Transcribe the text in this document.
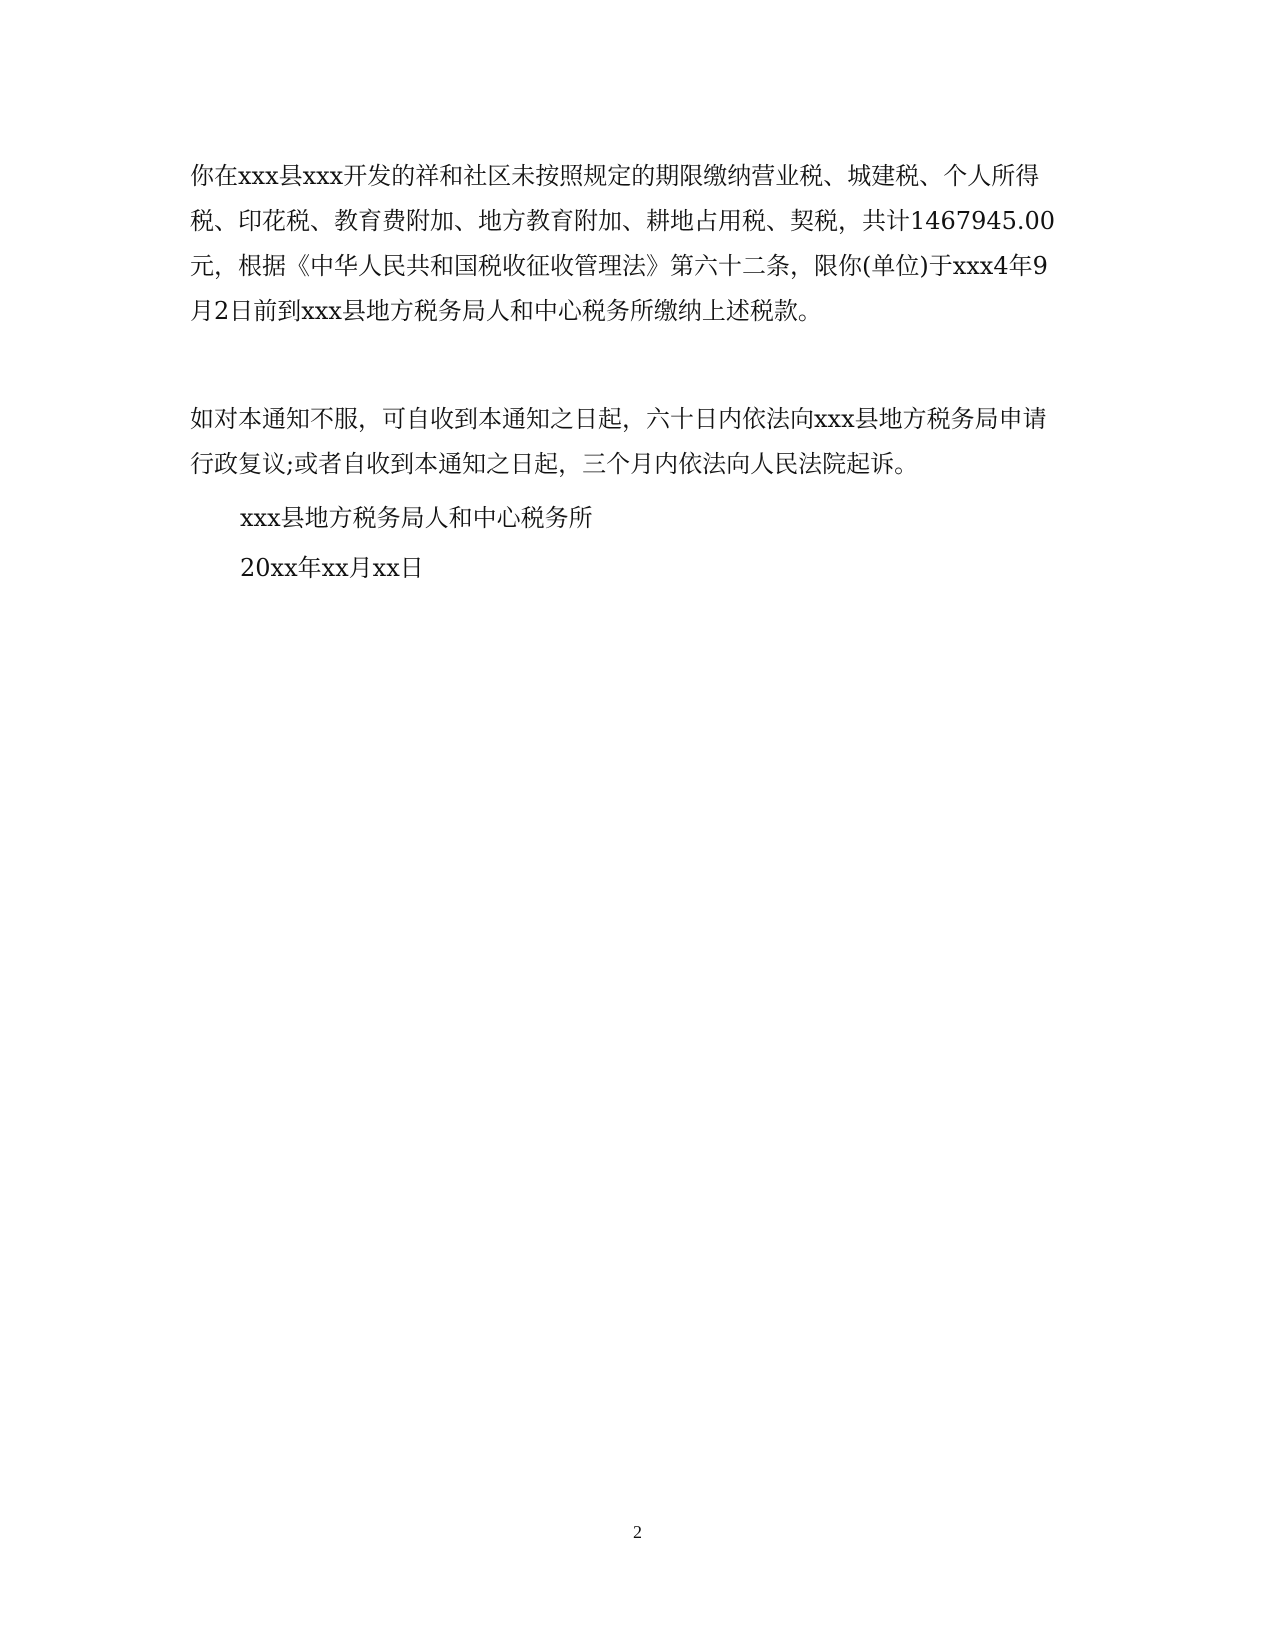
你在xxx县xxx开发的祥和社区未按照规定的期限缴纳营业税、城建税、个人所得
税、印花税、教育费附加、地方教育附加、耕地占用税、契税，共计1467945.00
元，根据《中华人民共和国税收征收管理法》第六十二条，限你(单位)于xxx4年9
月2日前到xxx县地方税务局人和中心税务所缴纳上述税款。

如对本通知不服，可自收到本通知之日起，六十日内依法向xxx县地方税务局申请
行政复议;或者自收到本通知之日起，三个月内依法向人民法院起诉。

xxx县地方税务局人和中心税务所

20xx年xx月xx日

2
